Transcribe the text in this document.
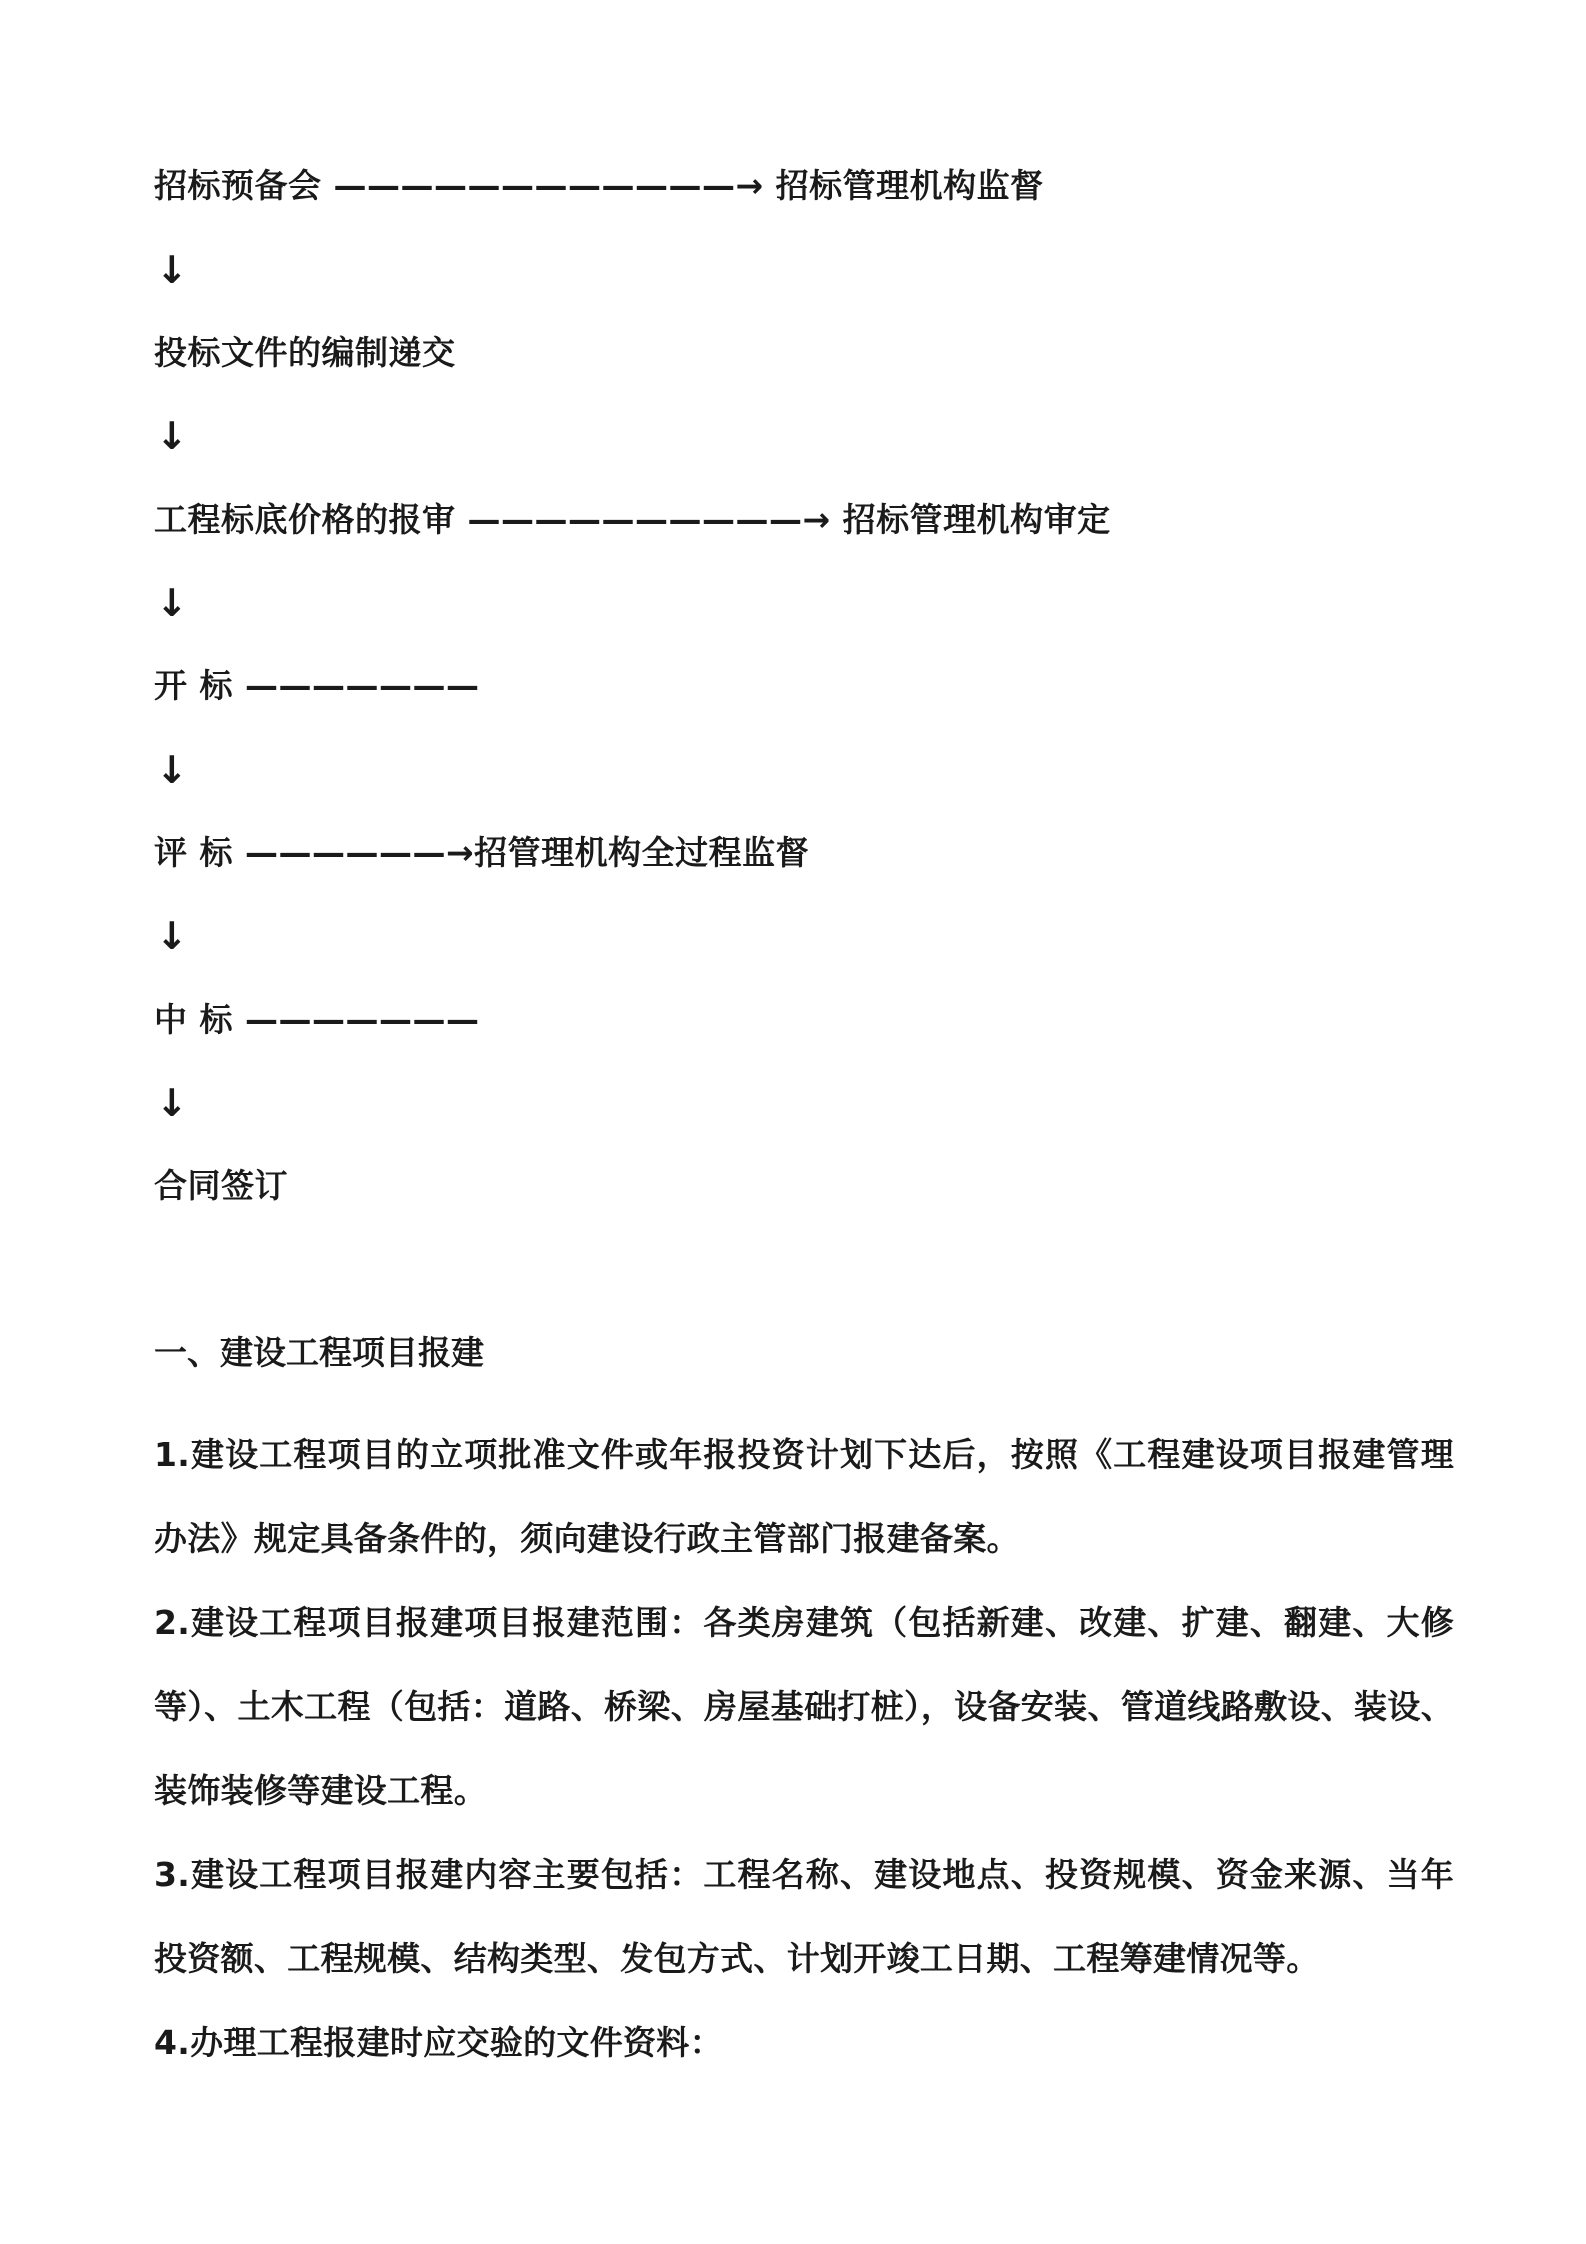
招标预备会 ————————————→ 招标管理机构监督
↓
投标文件的编制递交
↓
工程标底价格的报审 ——————————→ 招标管理机构审定
↓
开 标 ———————
↓
评 标 ——————→招管理机构全过程监督
↓
中 标 ———————
↓
合同签订
一、建设工程项目报建

1.建设工程项目的立项批准文件或年报投资计划下达后，按照《工程建设项目报建管理办法》规定具备条件的，须向建设行政主管部门报建备案。

2.建设工程项目报建项目报建范围：各类房建筑（包括新建、改建、扩建、翻建、大修等）、土木工程（包括：道路、桥梁、房屋基础打桩），设备安装、管道线路敷设、装设、装饰装修等建设工程。

3.建设工程项目报建内容主要包括：工程名称、建设地点、投资规模、资金来源、当年投资额、工程规模、结构类型、发包方式、计划开竣工日期、工程筹建情况等。

4.办理工程报建时应交验的文件资料：
